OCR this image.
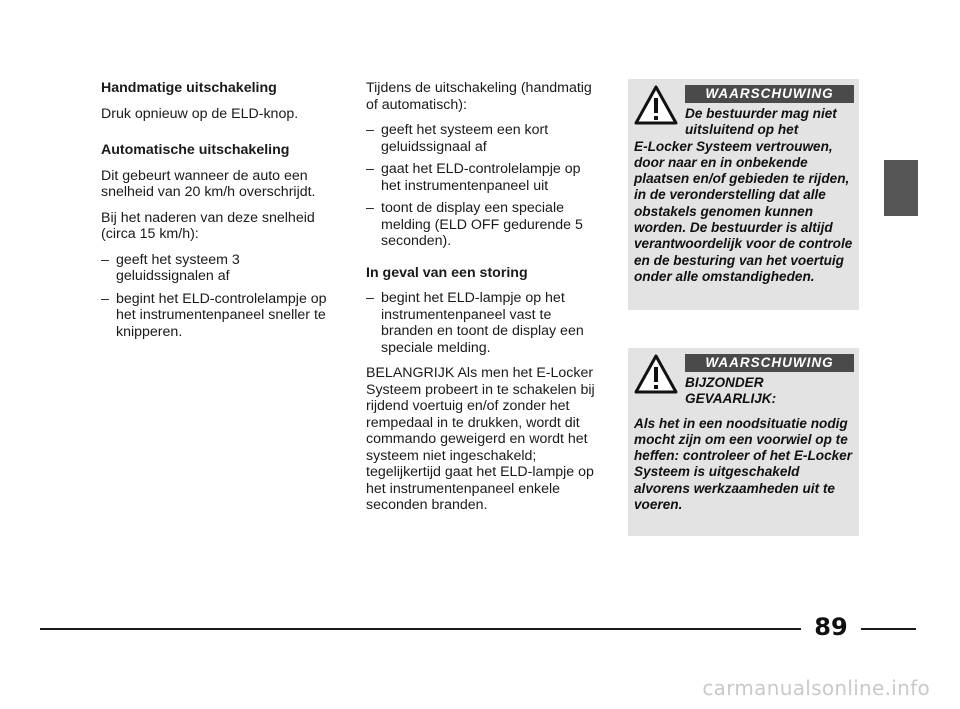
Handmatige uitschakeling
Druk opnieuw op de ELD-knop.
Automatische uitschakeling
Dit gebeurt wanneer de auto een snelheid van 20 km/h overschrijdt.
Bij het naderen van deze snelheid (circa 15 km/h):
– geeft het systeem 3 geluidssignalen af
– begint het ELD-controlelampje op het instrumentenpaneel sneller te knipperen.
Tijdens de uitschakeling (handmatig of automatisch):
– geeft het systeem een kort geluidssignaal af
– gaat het ELD-controlelampje op het instrumentenpaneel uit
– toont de display een speciale melding (ELD OFF gedurende 5 seconden).
In geval van een storing
– begint het ELD-lampje op het instrumentenpaneel vast te branden en toont de display een speciale melding.
BELANGRIJK Als men het E-Locker Systeem probeert in te schakelen bij rijdend voertuig en/of zonder het rempedaal in te drukken, wordt dit commando geweigerd en wordt het systeem niet ingeschakeld; tegelijkertijd gaat het ELD-lampje op het instrumentenpaneel enkele seconden branden.
WAARSCHUWING
De bestuurder mag niet uitsluitend op het
E-Locker Systeem vertrouwen, door naar en in onbekende plaatsen en/of gebieden te rijden, in de veronderstelling dat alle obstakels genomen kunnen worden. De bestuurder is altijd verantwoordelijk voor de controle en de besturing van het voertuig onder alle omstandigheden.
WAARSCHUWING
BIJZONDER GEVAARLIJK:
Als het in een noodsituatie nodig mocht zijn om een voorwiel op te heffen: controleer of het E-Locker Systeem is uitgeschakeld alvorens werkzaamheden uit te voeren.
89
carmanualsonline.info
